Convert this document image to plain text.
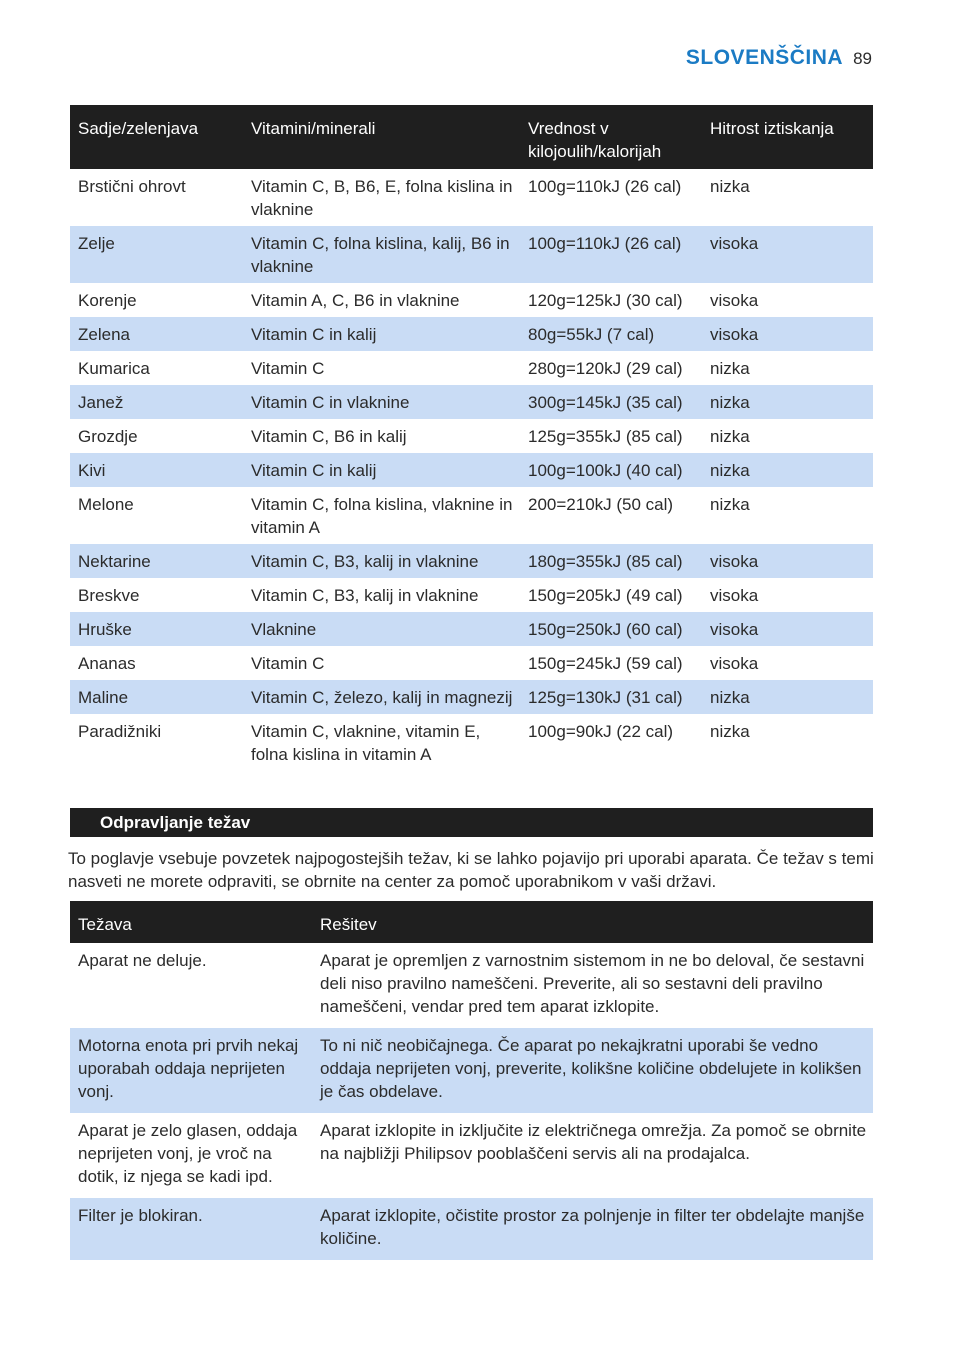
SLOVENŠČINA 89
Sadje/zelenjava	Vitamini/minerali	Vrednost v kilojoulih/kalorijah	Hitrost iztiskanja
Brstični ohrovt	Vitamin C, B, B6, E, folna kislina in vlaknine	100g=110kJ (26 cal)	nizka
Zelje	Vitamin C, folna kislina, kalij, B6 in vlaknine	100g=110kJ (26 cal)	visoka
Korenje	Vitamin A, C, B6 in vlaknine	120g=125kJ (30 cal)	visoka
Zelena	Vitamin C in kalij	80g=55kJ (7 cal)	visoka
Kumarica	Vitamin C	280g=120kJ (29 cal)	nizka
Janež	Vitamin C in vlaknine	300g=145kJ (35 cal)	nizka
Grozdje	Vitamin C, B6 in kalij	125g=355kJ (85 cal)	nizka
Kivi	Vitamin C in kalij	100g=100kJ (40 cal)	nizka
Melone	Vitamin C, folna kislina, vlaknine in vitamin A	200=210kJ (50 cal)	nizka
Nektarine	Vitamin C, B3, kalij in vlaknine	180g=355kJ (85 cal)	visoka
Breskve	Vitamin C, B3, kalij in vlaknine	150g=205kJ (49 cal)	visoka
Hruške	Vlaknine	150g=250kJ (60 cal)	visoka
Ananas	Vitamin C	150g=245kJ (59 cal)	visoka
Maline	Vitamin C, železo, kalij in magnezij	125g=130kJ (31 cal)	nizka
Paradižniki	Vitamin C, vlaknine, vitamin E, folna kislina in vitamin A	100g=90kJ (22 cal)	nizka
Odpravljanje težav

To poglavje vsebuje povzetek najpogostejših težav, ki se lahko pojavijo pri uporabi aparata. Če težav s temi nasveti ne morete odpraviti, se obrnite na center za pomoč uporabnikom v vaši državi.

Težava	Rešitev
Aparat ne deluje.	Aparat je opremljen z varnostnim sistemom in ne bo deloval, če sestavni deli niso pravilno nameščeni. Preverite, ali so sestavni deli pravilno nameščeni, vendar pred tem aparat izklopite.
Motorna enota pri prvih nekaj uporabah oddaja neprijeten vonj.	To ni nič neobičajnega. Če aparat po nekajkratni uporabi še vedno oddaja neprijeten vonj, preverite, kolikšne količine obdelujete in kolikšen je čas obdelave.
Aparat je zelo glasen, oddaja neprijeten vonj, je vroč na dotik, iz njega se kadi ipd.	Aparat izklopite in izključite iz električnega omrežja. Za pomoč se obrnite na najbližji Philipsov pooblaščeni servis ali na prodajalca.
Filter je blokiran.	Aparat izklopite, očistite prostor za polnjenje in filter ter obdelajte manjše količine.
